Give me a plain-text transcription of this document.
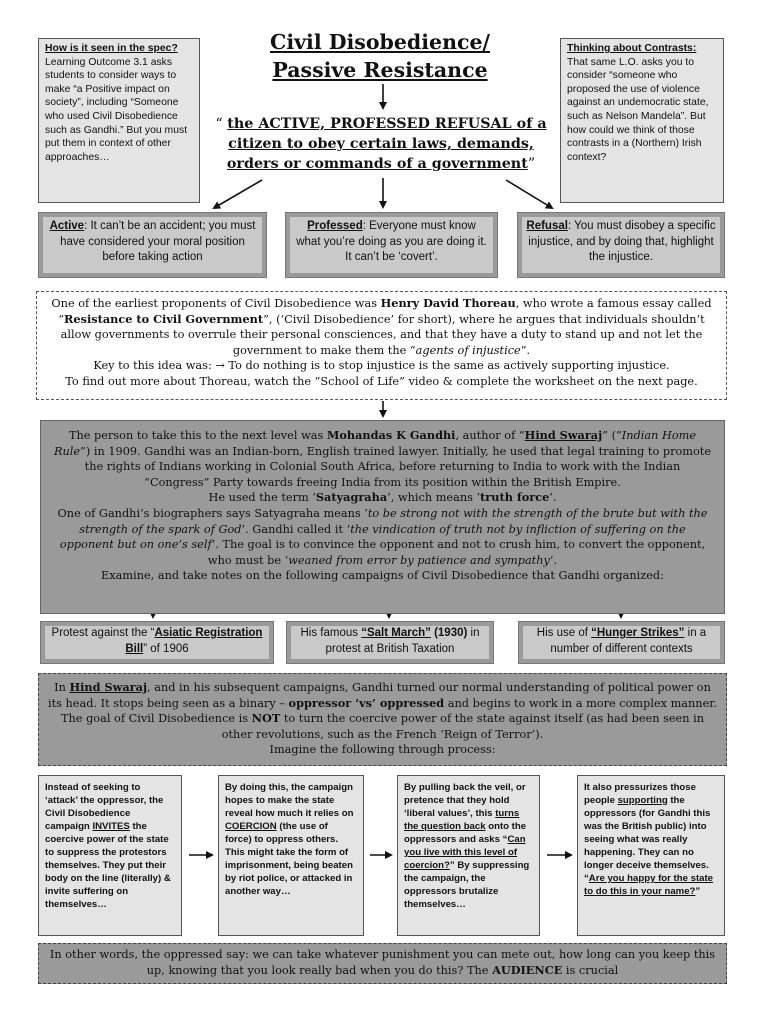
How is it seen in the spec?
Learning Outcome 3.1 asks students to consider ways to make “a Positive impact on society”, including “Someone who used Civil Disobedience such as Gandhi.” But you must put them in context of other approaches…
Civil Disobedience/
Passive Resistance
Thinking about Contrasts:
That same L.O. asks you to consider “someone who proposed the use of violence against an undemocratic state, such as Nelson Mandela”. But how could we think of those contrasts in a (Northern) Irish context?
“ the ACTIVE, PROFESSED REFUSAL of a citizen to obey certain laws, demands, orders or commands of a government”
Active: It can’t be an accident; you must have considered your moral position before taking action
Professed: Everyone must know what you’re doing as you are doing it. It can’t be ‘covert’.
Refusal: You must disobey a specific injustice, and by doing that, highlight the injustice.
One of the earliest proponents of Civil Disobedience was Henry David Thoreau, who wrote a famous essay called “Resistance to Civil Government”, (‘Civil Disobedience’ for short), where he argues that individuals shouldn’t allow governments to overrule their personal consciences, and that they have a duty to stand up and not let the government to make them the “agents of injustice”.
Key to this idea was: → To do nothing is to stop injustice is the same as actively supporting injustice.
To find out more about Thoreau, watch the “School of Life” video & complete the worksheet on the next page.
The person to take this to the next level was Mohandas K Gandhi, author of “Hind Swaraj” (“Indian Home Rule”) in 1909. Gandhi was an Indian-born, English trained lawyer. Initially, he used that legal training to promote the rights of Indians working in Colonial South Africa, before returning to India to work with the Indian “Congress” Party towards freeing India from its position within the British Empire.
He used the term ‘Satyagraha’, which means ‘truth force’.
One of Gandhi’s biographers says Satyagraha means ‘to be strong not with the strength of the brute but with the strength of the spark of God’. Gandhi called it ‘the vindication of truth not by infliction of suffering on the opponent but on one’s self’. The goal is to convince the opponent and not to crush him, to convert the opponent, who must be ‘weaned from error by patience and sympathy’.
Examine, and take notes on the following campaigns of Civil Disobedience that Gandhi organized:
Protest against the “Asiatic Registration Bill” of 1906
His famous “Salt March” (1930) in protest at British Taxation
His use of “Hunger Strikes” in a number of different contexts
In Hind Swaraj, and in his subsequent campaigns, Gandhi turned our normal understanding of political power on its head. It stops being seen as a binary – oppressor ‘vs’ oppressed and begins to work in a more complex manner. The goal of Civil Disobedience is NOT to turn the coercive power of the state against itself (as had been seen in other revolutions, such as the French ‘Reign of Terror’).
Imagine the following through process:
Instead of seeking to ‘attack’ the oppressor, the Civil Disobedience campaign INVITES the coercive power of the state to suppress the protestors themselves. They put their body on the line (literally) & invite suffering on themselves…
By doing this, the campaign hopes to make the state reveal how much it relies on COERCION (the use of force) to oppress others. This might take the form of imprisonment, being beaten by riot police, or attacked in another way…
By pulling back the veil, or pretence that they hold ‘liberal values’, this turns the question back onto the oppressors and asks “Can you live with this level of coercion?” By suppressing the campaign, the oppressors brutalize themselves…
It also pressurizes those people supporting the oppressors (for Gandhi this was the British public) into seeing what was really happening. They can no longer deceive themselves. “Are you happy for the state to do this in your name?”
In other words, the oppressed say: we can take whatever punishment you can mete out, how long can you keep this up, knowing that you look really bad when you do this? The AUDIENCE is crucial
